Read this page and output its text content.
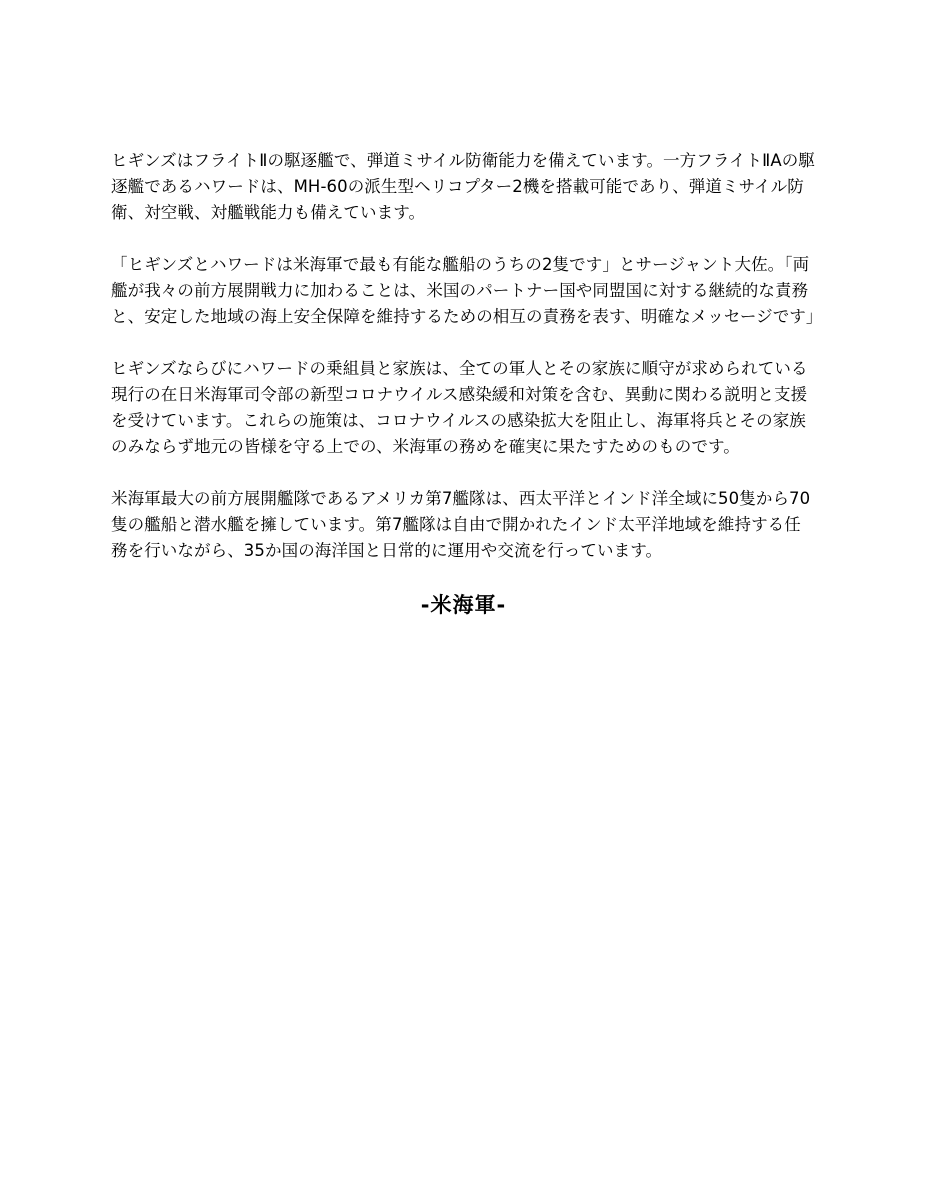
ヒギンズはフライトⅡの駆逐艦で、弾道ミサイル防衛能力を備えています。一方フライトⅡAの駆逐艦であるハワードは、MH-60の派生型ヘリコプター2機を搭載可能であり、弾道ミサイル防衛、対空戦、対艦戦能力も備えています。

「ヒギンズとハワードは米海軍で最も有能な艦船のうちの2隻です」とサージャント大佐。「両艦が我々の前方展開戦力に加わることは、米国のパートナー国や同盟国に対する継続的な責務と、安定した地域の海上安全保障を維持するための相互の責務を表す、明確なメッセージです」

ヒギンズならびにハワードの乗組員と家族は、全ての軍人とその家族に順守が求められている現行の在日米海軍司令部の新型コロナウイルス感染緩和対策を含む、異動に関わる説明と支援を受けています。これらの施策は、コロナウイルスの感染拡大を阻止し、海軍将兵とその家族のみならず地元の皆様を守る上での、米海軍の務めを確実に果たすためのものです。

米海軍最大の前方展開艦隊であるアメリカ第7艦隊は、西太平洋とインド洋全域に50隻から70隻の艦船と潜水艦を擁しています。第7艦隊は自由で開かれたインド太平洋地域を維持する任務を行いながら、35か国の海洋国と日常的に運用や交流を行っています。

-米海軍-
